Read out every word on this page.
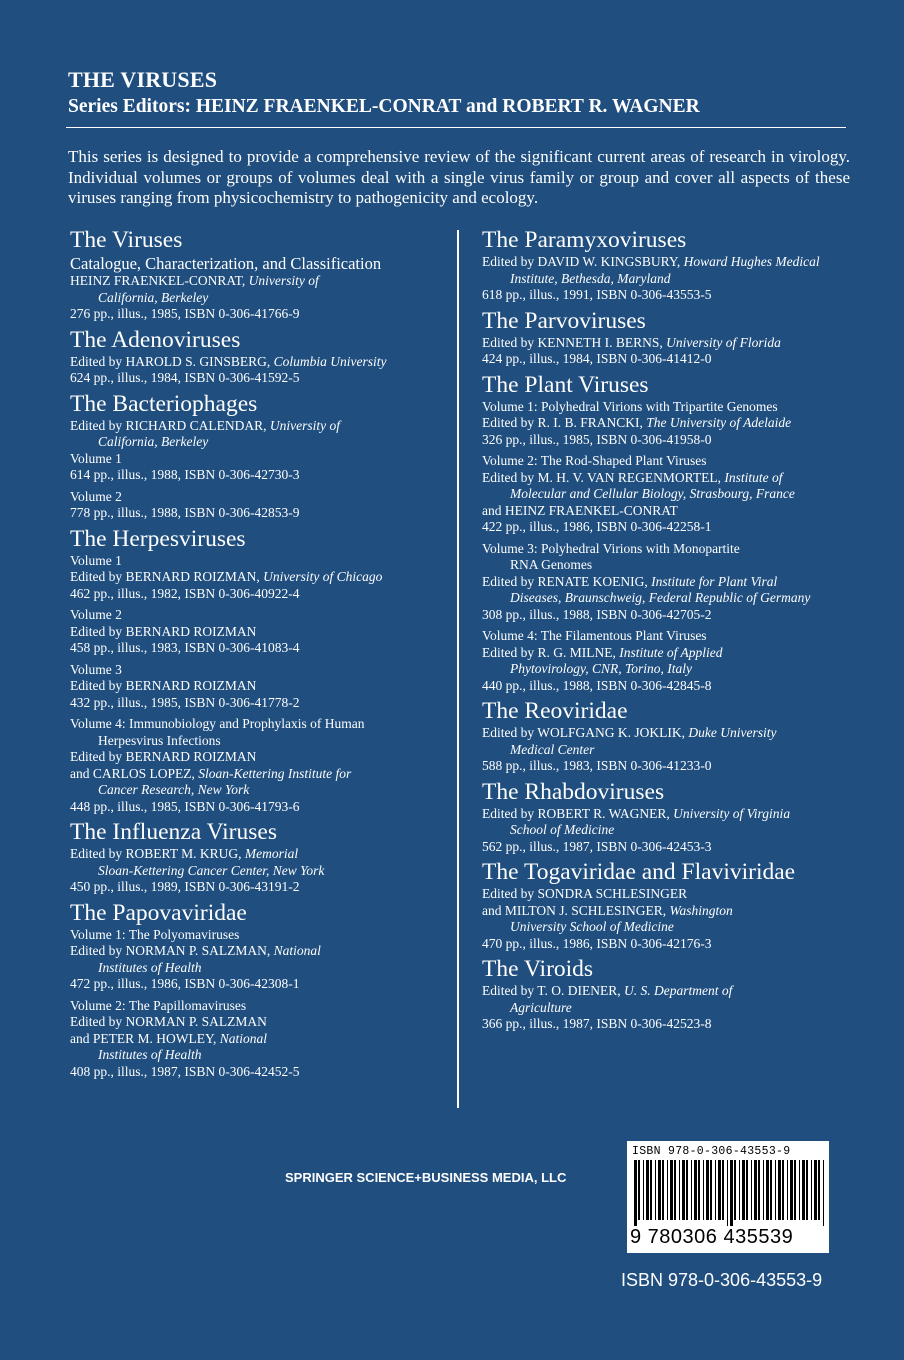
THE VIRUSES
Series Editors: HEINZ FRAENKEL-CONRAT and ROBERT R. WAGNER
This series is designed to provide a comprehensive review of the significant current areas of research in virology. Individual volumes or groups of volumes deal with a single virus family or group and cover all aspects of these viruses ranging from physicochemistry to pathogenicity and ecology.
The Viruses
Catalogue, Characterization, and Classification
HEINZ FRAENKEL-CONRAT, University of
California, Berkeley
276 pp., illus., 1985, ISBN 0-306-41766-9
The Adenoviruses
Edited by HAROLD S. GINSBERG, Columbia University
624 pp., illus., 1984, ISBN 0-306-41592-5
The Bacteriophages
Edited by RICHARD CALENDAR, University of
California, Berkeley
Volume 1
614 pp., illus., 1988, ISBN 0-306-42730-3
Volume 2
778 pp., illus., 1988, ISBN 0-306-42853-9
The Herpesviruses
Volume 1
Edited by BERNARD ROIZMAN, University of Chicago
462 pp., illus., 1982, ISBN 0-306-40922-4
Volume 2
Edited by BERNARD ROIZMAN
458 pp., illus., 1983, ISBN 0-306-41083-4
Volume 3
Edited by BERNARD ROIZMAN
432 pp., illus., 1985, ISBN 0-306-41778-2
Volume 4: Immunobiology and Prophylaxis of Human
Herpesvirus Infections
Edited by BERNARD ROIZMAN
and CARLOS LOPEZ, Sloan-Kettering Institute for
Cancer Research, New York
448 pp., illus., 1985, ISBN 0-306-41793-6
The Influenza Viruses
Edited by ROBERT M. KRUG, Memorial
Sloan-Kettering Cancer Center, New York
450 pp., illus., 1989, ISBN 0-306-43191-2
The Papovaviridae
Volume 1: The Polyomaviruses
Edited by NORMAN P. SALZMAN, National
Institutes of Health
472 pp., illus., 1986, ISBN 0-306-42308-1
Volume 2: The Papillomaviruses
Edited by NORMAN P. SALZMAN
and PETER M. HOWLEY, National
Institutes of Health
408 pp., illus., 1987, ISBN 0-306-42452-5
The Paramyxoviruses
Edited by DAVID W. KINGSBURY, Howard Hughes Medical
Institute, Bethesda, Maryland
618 pp., illus., 1991, ISBN 0-306-43553-5
The Parvoviruses
Edited by KENNETH I. BERNS, University of Florida
424 pp., illus., 1984, ISBN 0-306-41412-0
The Plant Viruses
Volume 1: Polyhedral Virions with Tripartite Genomes
Edited by R. I. B. FRANCKI, The University of Adelaide
326 pp., illus., 1985, ISBN 0-306-41958-0
Volume 2: The Rod-Shaped Plant Viruses
Edited by M. H. V. VAN REGENMORTEL, Institute of
Molecular and Cellular Biology, Strasbourg, France
and HEINZ FRAENKEL-CONRAT
422 pp., illus., 1986, ISBN 0-306-42258-1
Volume 3: Polyhedral Virions with Monopartite
RNA Genomes
Edited by RENATE KOENIG, Institute for Plant Viral
Diseases, Braunschweig, Federal Republic of Germany
308 pp., illus., 1988, ISBN 0-306-42705-2
Volume 4: The Filamentous Plant Viruses
Edited by R. G. MILNE, Institute of Applied
Phytovirology, CNR, Torino, Italy
440 pp., illus., 1988, ISBN 0-306-42845-8
The Reoviridae
Edited by WOLFGANG K. JOKLIK, Duke University
Medical Center
588 pp., illus., 1983, ISBN 0-306-41233-0
The Rhabdoviruses
Edited by ROBERT R. WAGNER, University of Virginia
School of Medicine
562 pp., illus., 1987, ISBN 0-306-42453-3
The Togaviridae and Flaviviridae
Edited by SONDRA SCHLESINGER
and MILTON J. SCHLESINGER, Washington
University School of Medicine
470 pp., illus., 1986, ISBN 0-306-42176-3
The Viroids
Edited by T. O. DIENER, U. S. Department of
Agriculture
366 pp., illus., 1987, ISBN 0-306-42523-8
SPRINGER SCIENCE+BUSINESS MEDIA, LLC
ISBN 978-0-306-43553-9
9 780306 435539
ISBN 978-0-306-43553-9
